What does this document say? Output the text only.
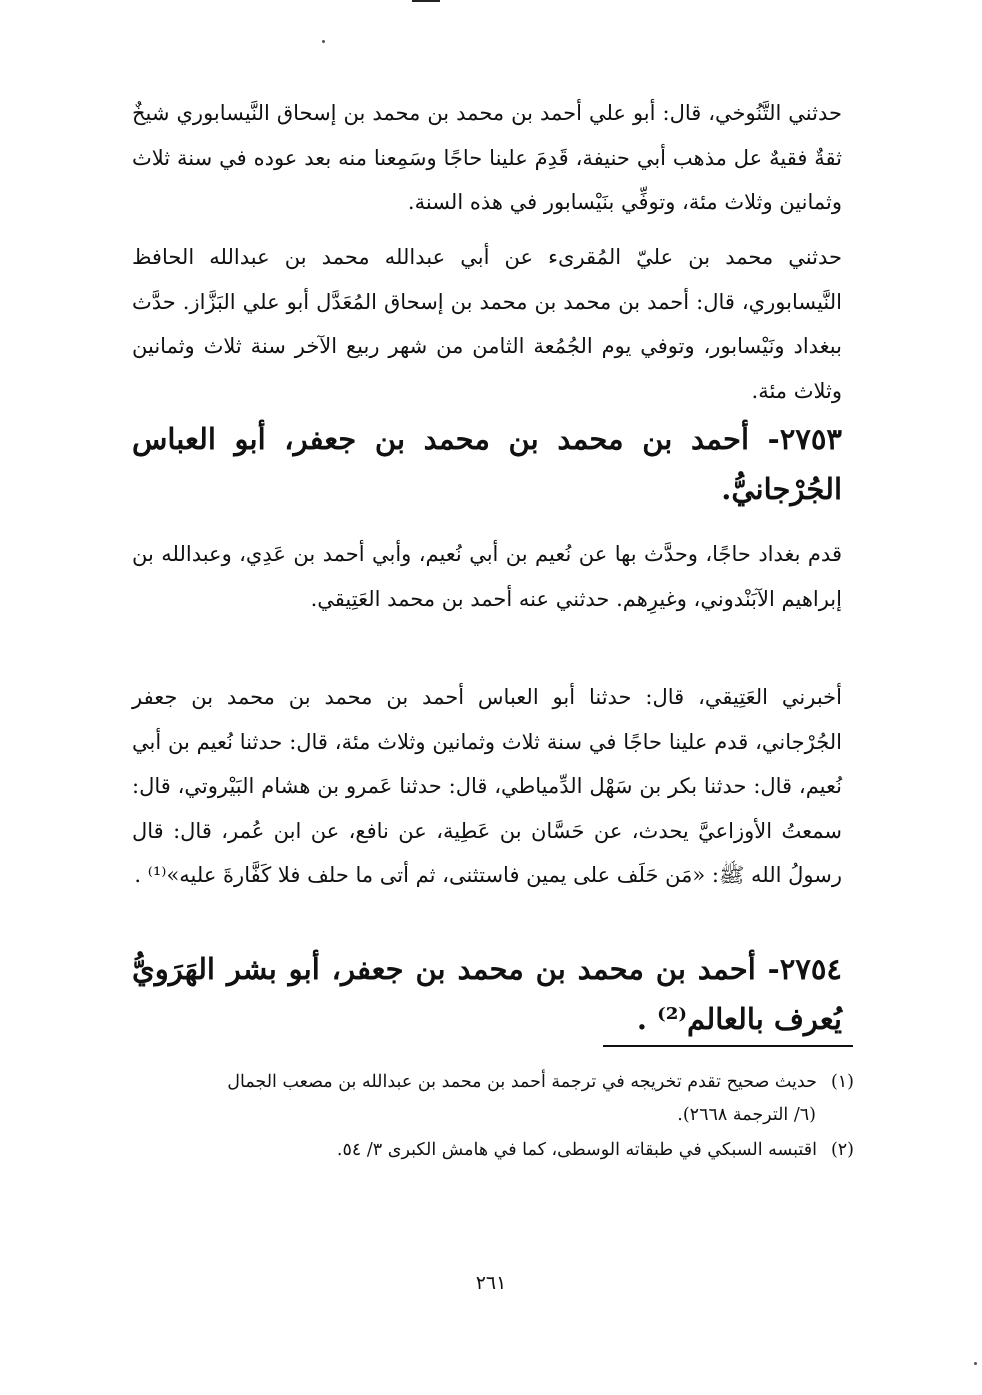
حدثني التَّنُوخي، قال: أبو علي أحمد بن محمد بن محمد بن إسحاق النَّيسابوري شيخٌ ثقةٌ فقيهٌ عل مذهب أبي حنيفة، قَدِمَ علينا حاجًا وسَمِعنا منه بعد عوده في سنة ثلاث وثمانين وثلاث مئة، وتوفِّي بنَيْسابور في هذه السنة.

حدثني محمد بن عليّ المُقرىء عن أبي عبدالله محمد بن عبدالله الحافظ النَّيسابوري، قال: أحمد بن محمد بن محمد بن إسحاق المُعَدَّل أبو علي البَزَّاز. حدَّث ببغداد ونَيْسابور، وتوفي يوم الجُمُعة الثامن من شهر ربيع الآخر سنة ثلاث وثمانين وثلاث مئة.

٢٧٥٣- أحمد بن محمد بن محمد بن جعفر، أبو العباس الجُرْجانيُّ.

قدم بغداد حاجًا، وحدَّث بها عن نُعيم بن أبي نُعيم، وأبي أحمد بن عَدِي، وعبدالله بن إبراهيم الآبَنْدوني، وغيرِهم. حدثني عنه أحمد بن محمد العَتِيقي.

أخبرني العَتِيقي، قال: حدثنا أبو العباس أحمد بن محمد بن محمد بن جعفر الجُرْجاني، قدم علينا حاجًا في سنة ثلاث وثمانين وثلاث مئة، قال: حدثنا نُعيم بن أبي نُعيم، قال: حدثنا بكر بن سَهْل الدِّمياطي، قال: حدثنا عَمرو بن هشام البَيْروتي، قال: سمعتُ الأوزاعيَّ يحدث، عن حَسَّان بن عَطِية، عن نافع، عن ابن عُمر، قال: قال رسولُ الله ﷺ: «مَن حَلَف على يمين فاستثنى، ثم أتى ما حلف فلا كَفَّارةَ عليه»⁽¹⁾ .

٢٧٥٤- أحمد بن محمد بن محمد بن جعفر، أبو بشر الهَرَويُّ يُعرف بالعالم⁽²⁾ .

(١)حديث صحيح تقدم تخريجه في ترجمة أحمد بن محمد بن عبدالله بن مصعب الجمال
(٦/ الترجمة ٢٦٦٨).
(٢)اقتبسه السبكي في طبقاته الوسطى، كما في هامش الكبرى ٣/ ٥٤.
٢٦١
